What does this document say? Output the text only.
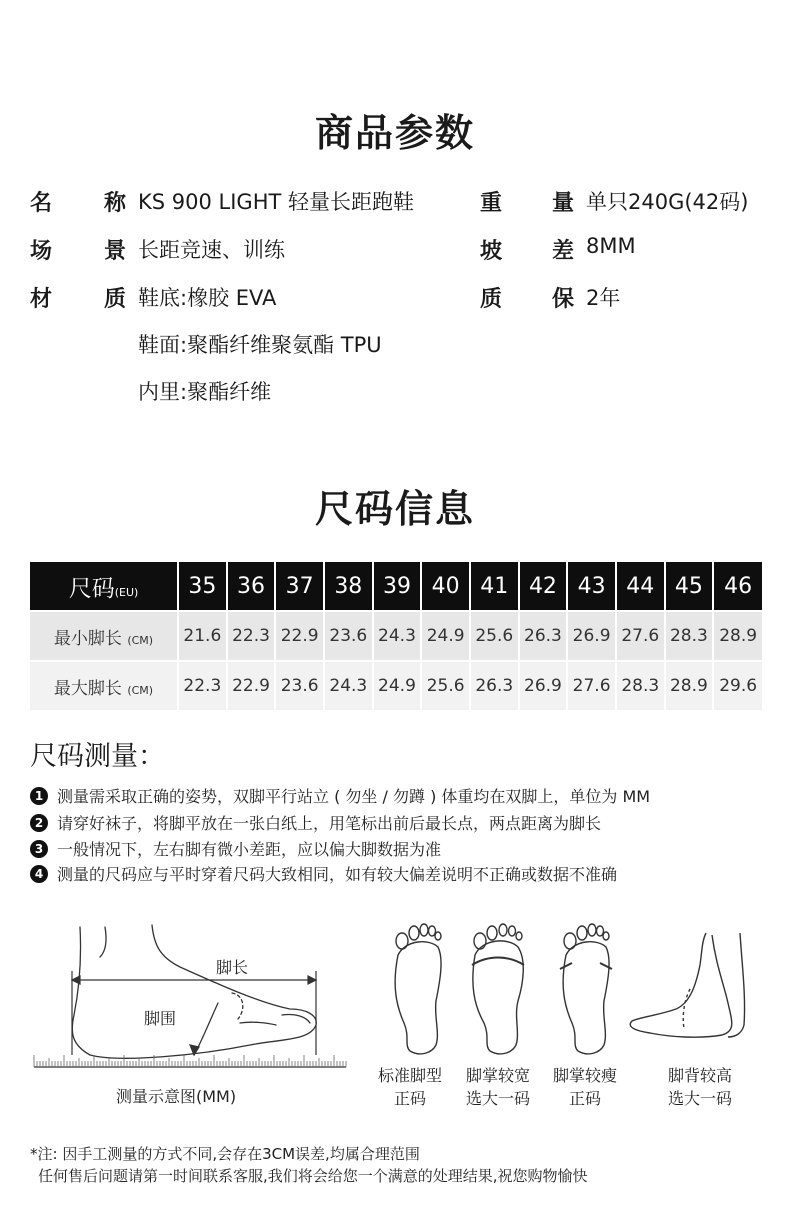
商品参数
名 称 KS 900 LIGHT 轻量长距跑鞋	重 量 单只240G(42码)
场 景 长距竞速、训练	坡 差 8MM
材 质 鞋底:橡胶 EVA	质 保 2年
鞋面:聚酯纤维聚氨酯 TPU
内里:聚酯纤维
尺码信息
尺码(EU)	35	36	37	38	39	40	41	42	43	44	45	46

最小脚长 (CM)	21.6	22.3	22.9	23.6	24.3	24.9	25.6	26.3	26.9	27.6	28.3	28.9

最大脚长 (CM)	22.3	22.9	23.6	24.3	24.9	25.6	26.3	26.9	27.6	28.3	28.9	29.6
尺码测量：
1 测量需采取正确的姿势，双脚平行站立 ( 勿坐 / 勿蹲 ) 体重均在双脚上，单位为 MM
2 请穿好袜子，将脚平放在一张白纸上，用笔标出前后最长点，两点距离为脚长
3 一般情况下，左右脚有微小差距，应以偏大脚数据为准
4 测量的尺码应与平时穿着尺码大致相同，如有较大偏差说明不正确或数据不准确
脚长
脚围
测量示意图(MM)
标准脚型
正码
脚掌较宽
选大一码
脚掌较瘦
正码
脚背较高
选大一码
*注: 因手工测量的方式不同,会存在3CM误差,均属合理范围
任何售后问题请第一时间联系客服,我们将会给您一个满意的处理结果,祝您购物愉快
